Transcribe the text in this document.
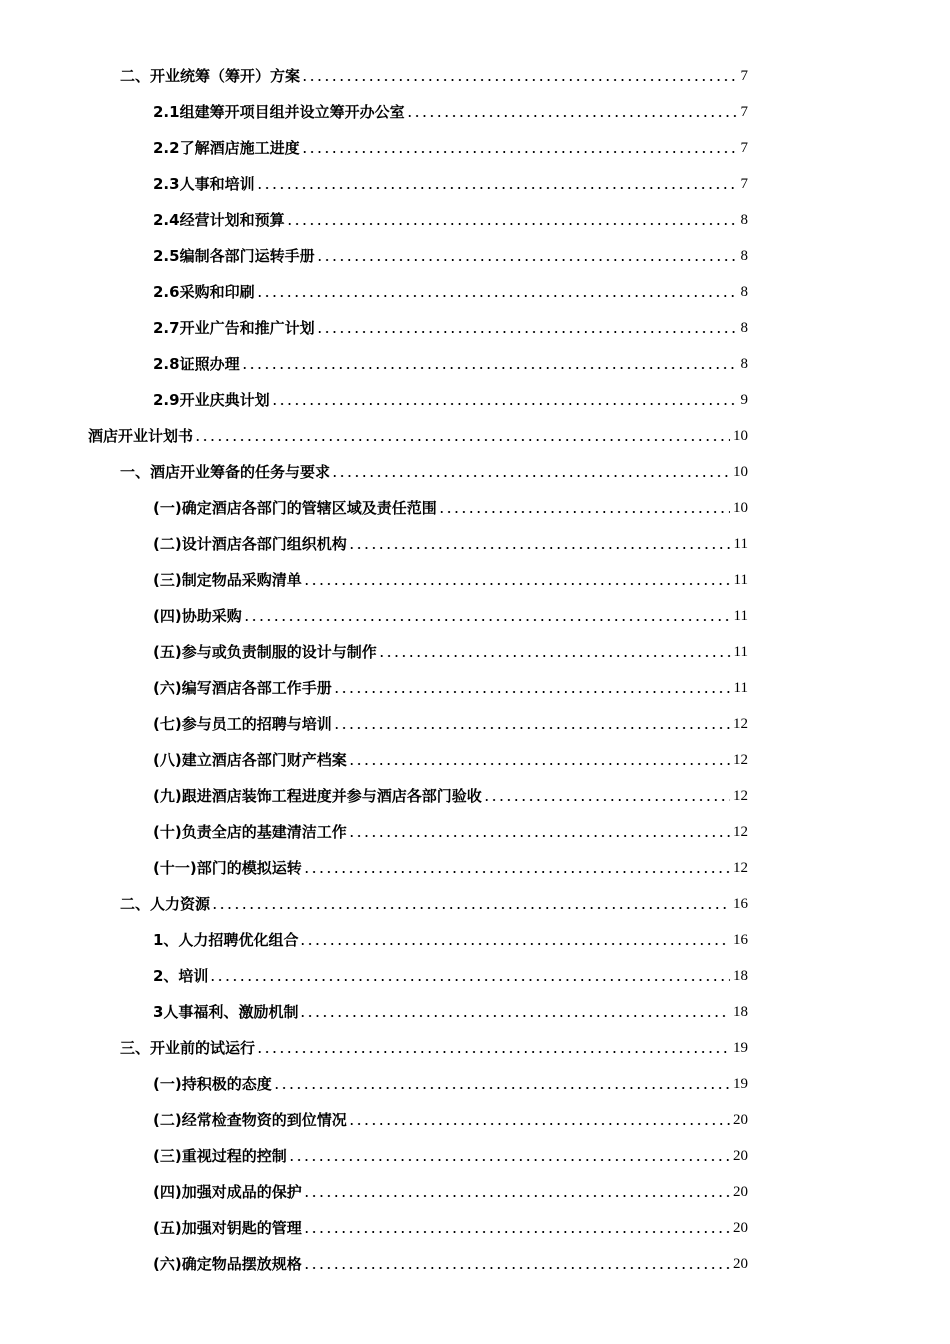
二、开业统筹（筹开）方案	7
2.1组建筹开项目组并设立筹开办公室	7
2.2了解酒店施工进度	7
2.3人事和培训	7
2.4经营计划和预算	8
2.5编制各部门运转手册	8
2.6采购和印刷	8
2.7开业广告和推广计划	8
2.8证照办理	8
2.9开业庆典计划	9
酒店开业计划书	10
一、酒店开业筹备的任务与要求	10
(一)确定酒店各部门的管辖区域及责任范围	10
(二)设计酒店各部门组织机构	11
(三)制定物品采购清单	11
(四)协助采购	11
(五)参与或负责制服的设计与制作	11
(六)编写酒店各部工作手册	11
(七)参与员工的招聘与培训	12
(八)建立酒店各部门财产档案	12
(九)跟进酒店装饰工程进度并参与酒店各部门验收	12
(十)负责全店的基建清洁工作	12
(十一)部门的模拟运转	12
二、人力资源	16
1、人力招聘优化组合	16
2、培训	18
3人事福利、激励机制	18
三、开业前的试运行	19
(一)持积极的态度	19
(二)经常检查物资的到位情况	20
(三)重视过程的控制	20
(四)加强对成品的保护	20
(五)加强对钥匙的管理	20
(六)确定物品摆放规格	20
